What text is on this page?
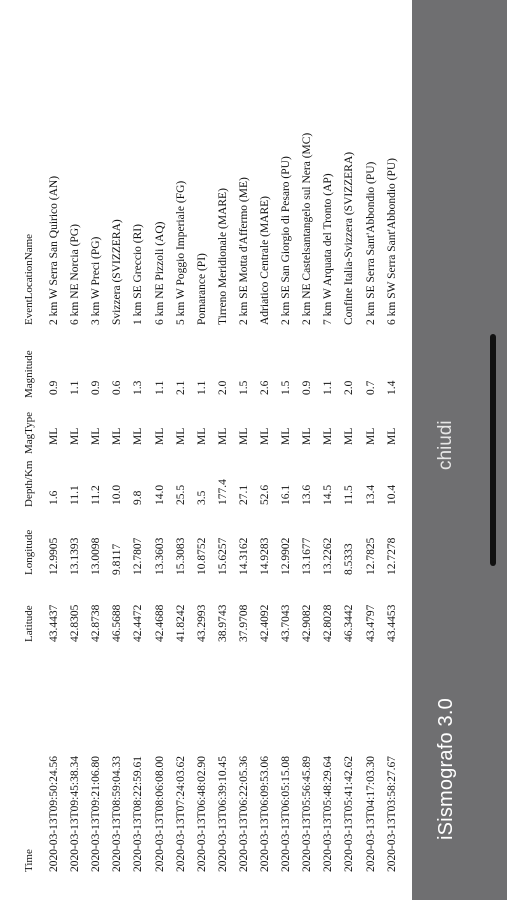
Time
Latitude
Longitude
Depth/Km
MagType
Magnitude
EventLocationName
2020-03-13T09:50:24.56
43.4437
12.9905
1.6
ML
0.9
2 km W Serra San Quirico (AN)
2020-03-13T09:45:38.34
42.8305
13.1393
11.1
ML
1.1
6 km NE Norcia (PG)
2020-03-13T09:21:06.80
42.8738
13.0098
11.2
ML
0.9
3 km W Preci (PG)
2020-03-13T08:59:04.33
46.5688
9.8117
10.0
ML
0.6
Svizzera (SVIZZERA)
2020-03-13T08:22:59.61
42.4472
12.7807
9.8
ML
1.3
1 km SE Greccio (RI)
2020-03-13T08:06:08.00
42.4688
13.3603
14.0
ML
1.1
6 km NE Pizzoli (AQ)
2020-03-13T07:24:03.62
41.8242
15.3083
25.5
ML
2.1
5 km W Poggio Imperiale (FG)
2020-03-13T06:48:02.90
43.2993
10.8752
3.5
ML
1.1
Pomarance (PI)
2020-03-13T06:39:10.45
38.9743
15.6257
177.4
ML
2.0
Tirreno Meridionale (MARE)
2020-03-13T06:22:05.36
37.9708
14.3162
27.1
ML
1.5
2 km SE Motta d'Affermo (ME)
2020-03-13T06:09:53.06
42.4092
14.9283
52.6
ML
2.6
Adriatico Centrale (MARE)
2020-03-13T06:05:15.08
43.7043
12.9902
16.1
ML
1.5
2 km SE San Giorgio di Pesaro (PU)
2020-03-13T05:56:45.89
42.9082
13.1677
13.6
ML
0.9
2 km NE Castelsantangelo sul Nera (MC)
2020-03-13T05:48:29.64
42.8028
13.2262
14.5
ML
1.1
7 km W Arquata del Tronto (AP)
2020-03-13T05:41:42.62
46.3442
8.5333
11.5
ML
2.0
Confine Italia-Svizzera (SVIZZERA)
2020-03-13T04:17:03.30
43.4797
12.7825
13.4
ML
0.7
2 km SE Serra Sant'Abbondio (PU)
2020-03-13T03:58:27.67
43.4453
12.7278
10.4
ML
1.4
6 km SW Serra Sant'Abbondio (PU)
iSismografo 3.0
chiudi
